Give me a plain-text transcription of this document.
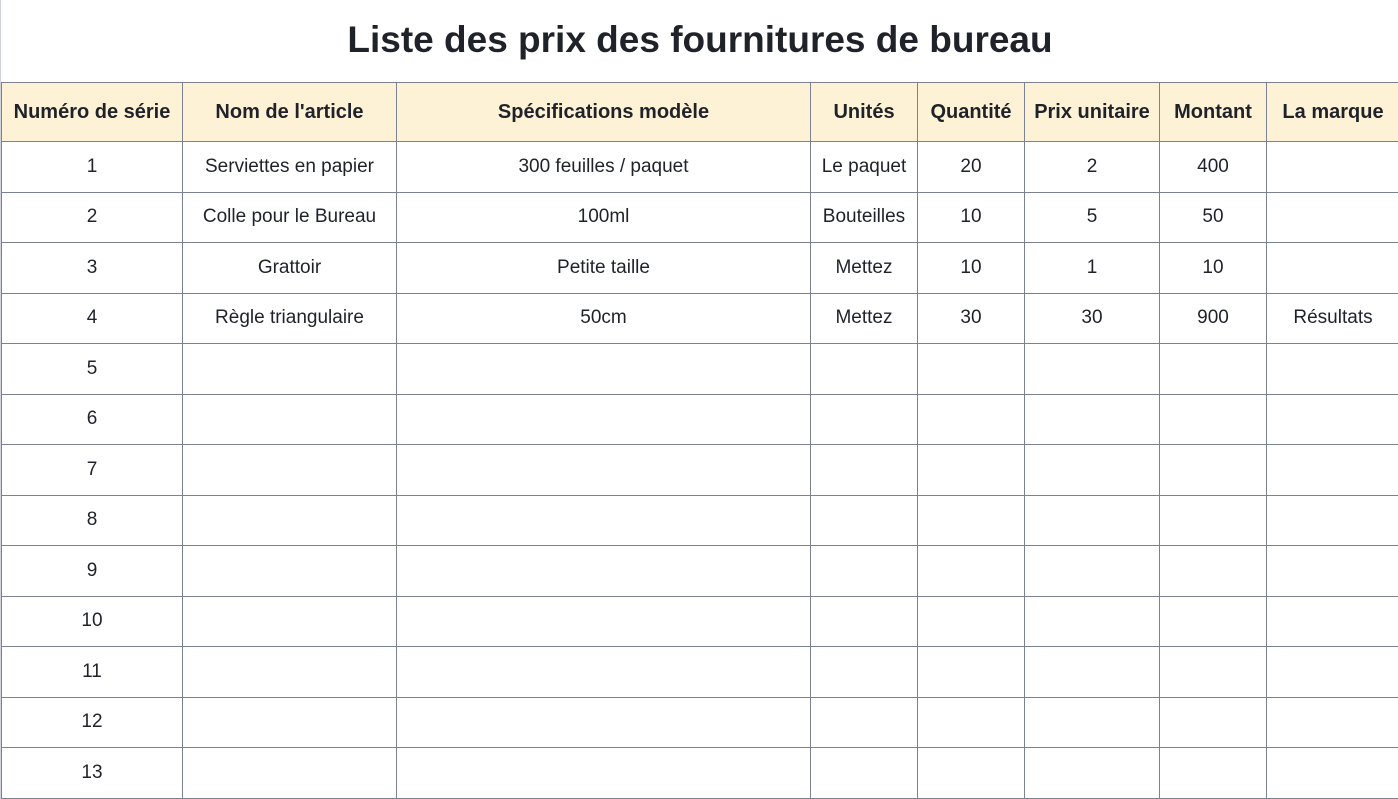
Liste des prix des fournitures de bureau
Numéro de série	Nom de l'article	Spécifications modèle	Unités	Quantité	Prix unitaire	Montant	La marque
1	Serviettes en papier	300 feuilles / paquet	Le paquet	20	2	400	
2	Colle pour le Bureau	100ml	Bouteilles	10	5	50	
3	Grattoir	Petite taille	Mettez	10	1	10	
4	Règle triangulaire	50cm	Mettez	30	30	900	Résultats
5							
6							
7							
8							
9							
10							
11							
12							
13							
